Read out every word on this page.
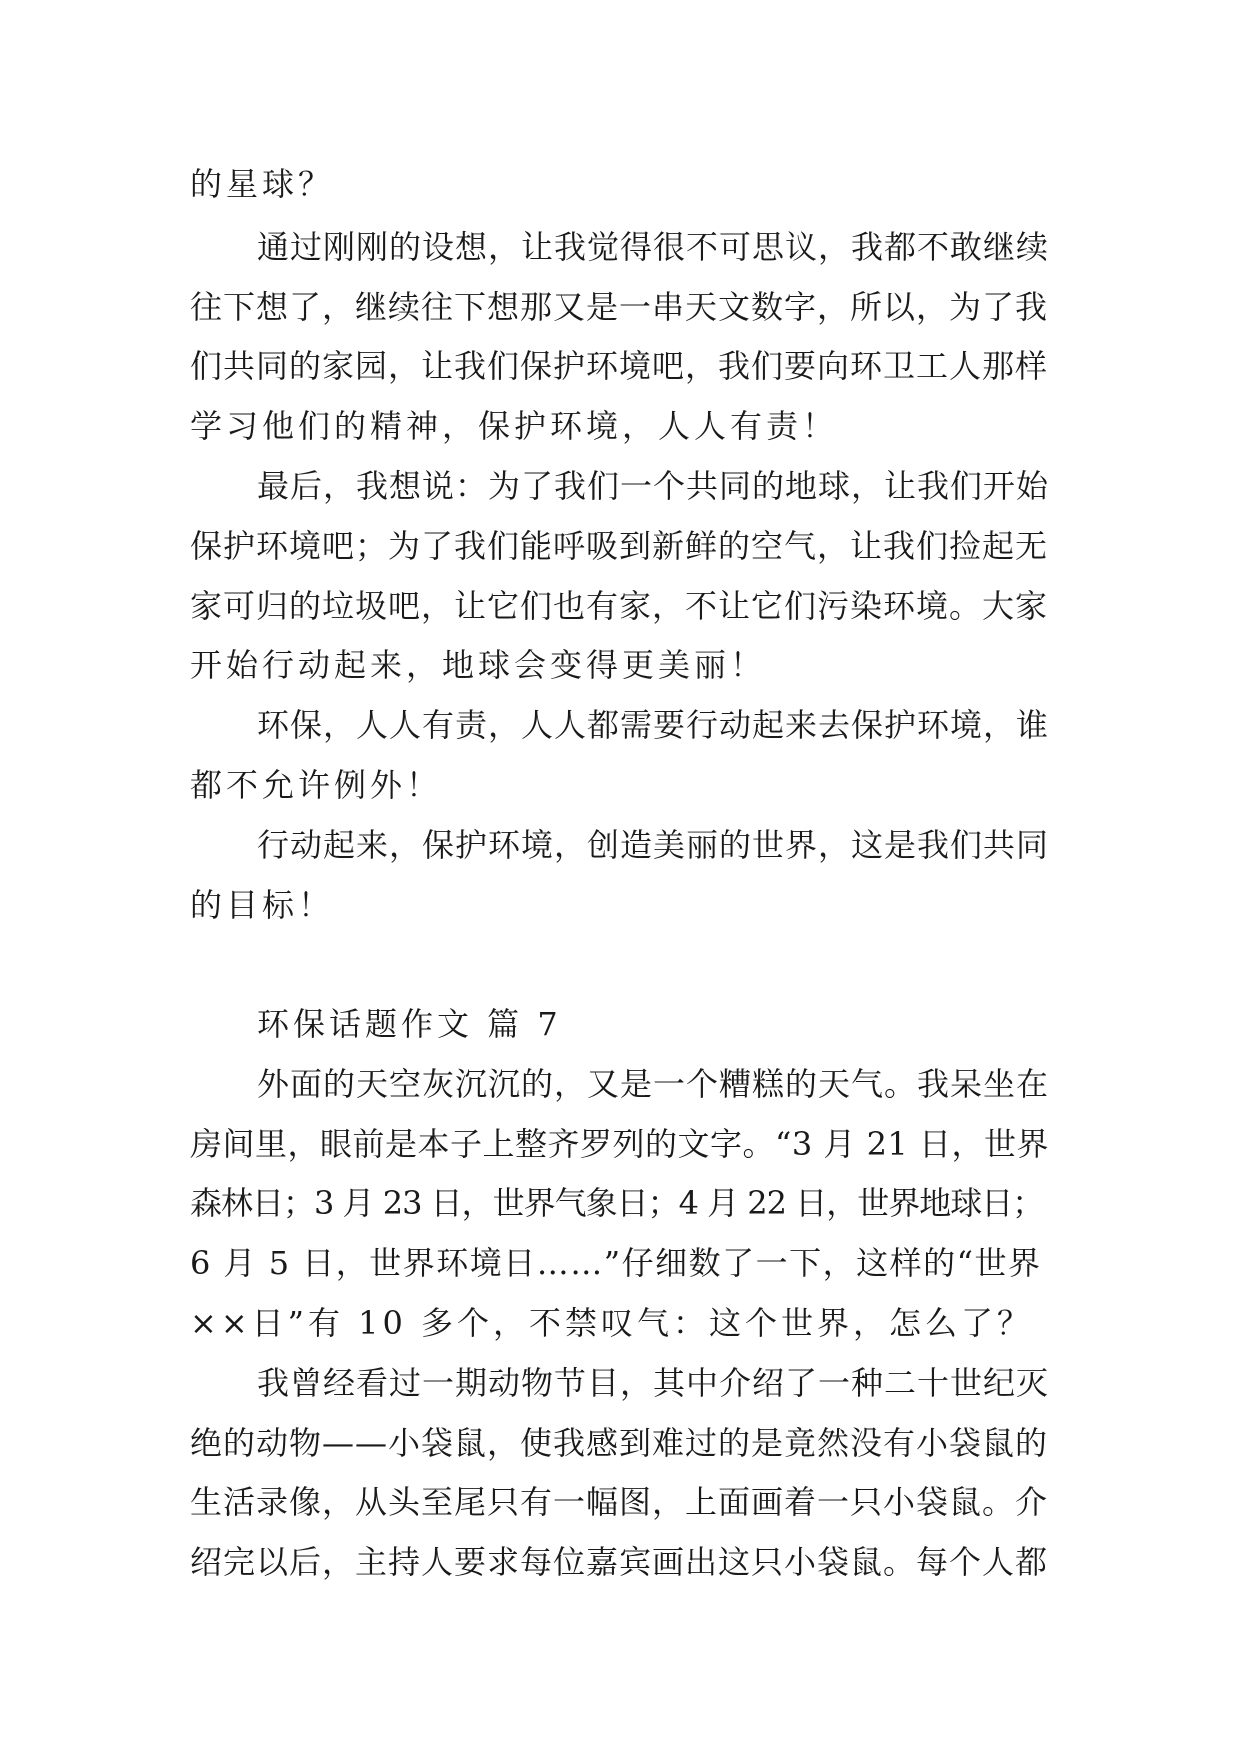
的星球？
通过刚刚的设想，让我觉得很不可思议，我都不敢继续
往下想了，继续往下想那又是一串天文数字，所以，为了我
们共同的家园，让我们保护环境吧，我们要向环卫工人那样
学习他们的精神，保护环境，人人有责！
最后，我想说：为了我们一个共同的地球，让我们开始
保护环境吧；为了我们能呼吸到新鲜的空气，让我们捡起无
家可归的垃圾吧，让它们也有家，不让它们污染环境。大家
开始行动起来，地球会变得更美丽！
环保，人人有责，人人都需要行动起来去保护环境，谁
都不允许例外！
行动起来，保护环境，创造美丽的世界，这是我们共同
的目标！
环保话题作文 篇 7
外面的天空灰沉沉的，又是一个糟糕的天气。我呆坐在
房间里，眼前是本子上整齐罗列的文字。“3 月 21 日，世界
森林日；3 月 23 日，世界气象日；4 月 22 日，世界地球日；
6 月 5 日，世界环境日……”仔细数了一下，这样的“世界
××日”有 10 多个，不禁叹气：这个世界，怎么了？
我曾经看过一期动物节目，其中介绍了一种二十世纪灭
绝的动物——小袋鼠，使我感到难过的是竟然没有小袋鼠的
生活录像，从头至尾只有一幅图，上面画着一只小袋鼠。介
绍完以后，主持人要求每位嘉宾画出这只小袋鼠。每个人都
